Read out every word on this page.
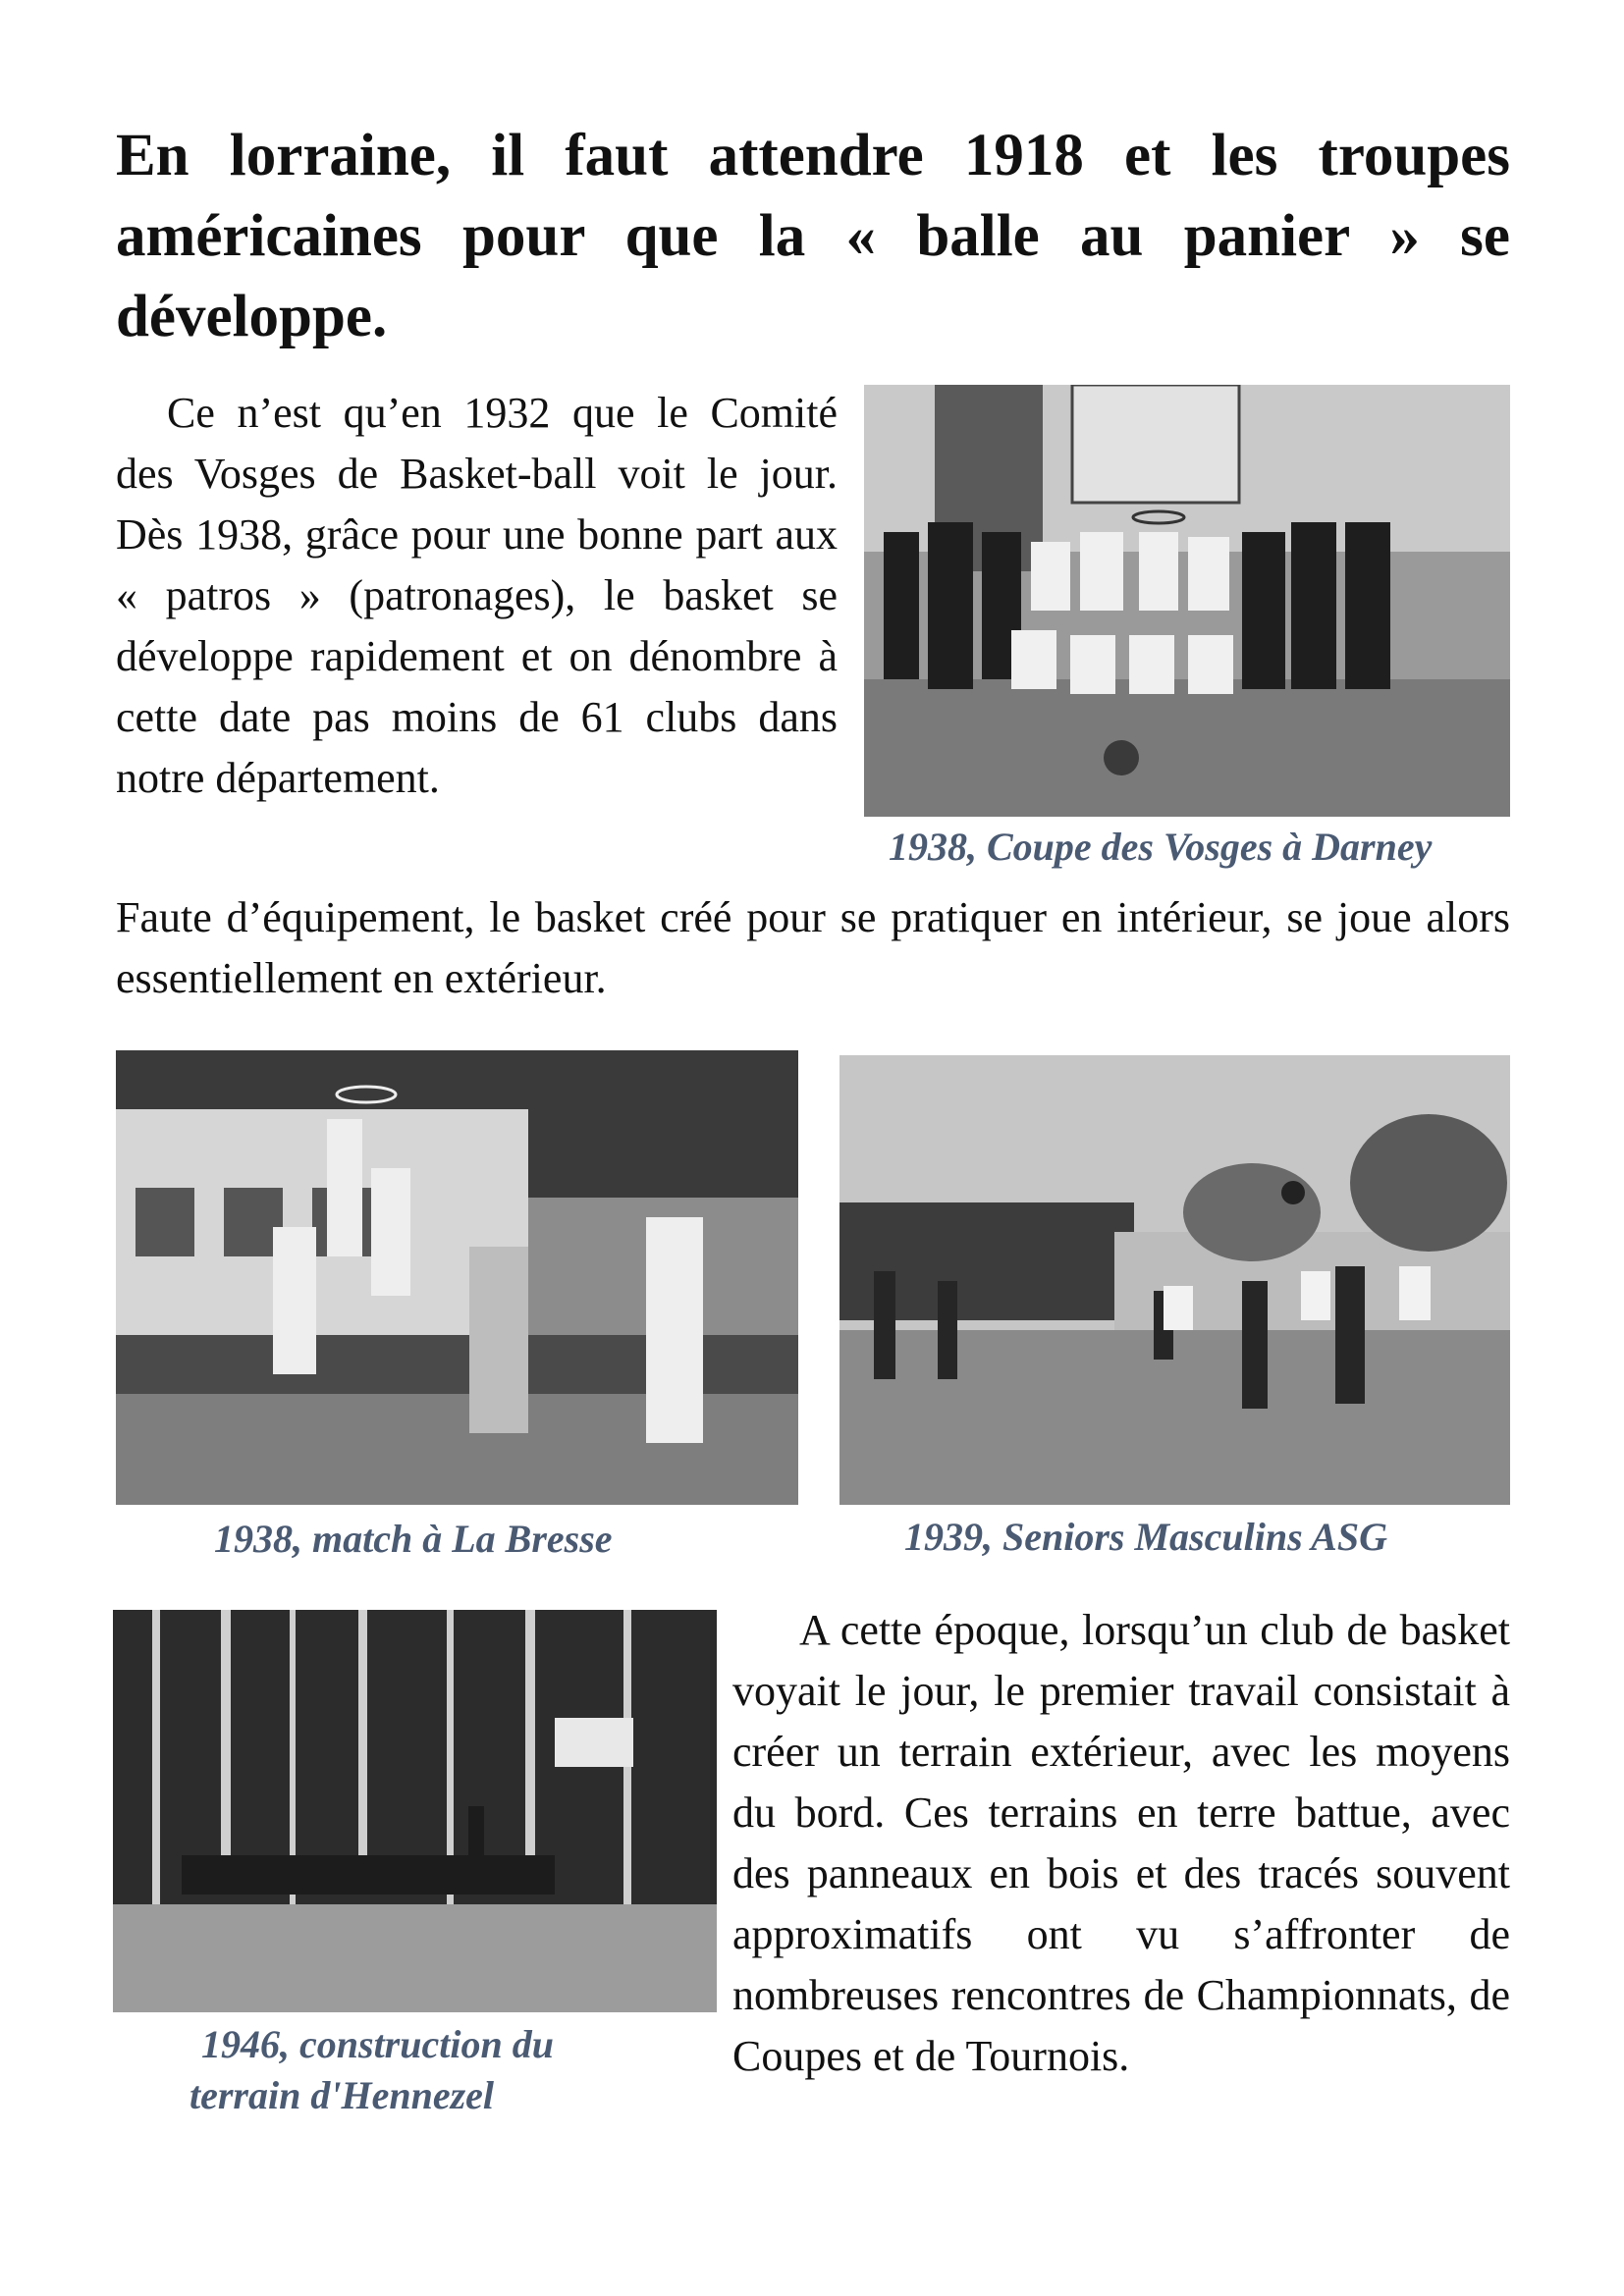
En lorraine, il faut attendre 1918 et les troupes américaines pour que la « balle au panier » se développe.

Ce n’est qu’en 1932 que le Comité des Vosges de Basket-ball voit le jour. Dès 1938, grâce pour une bonne part aux « patros » (patronages), le basket se développe rapidement et on dénombre à cette date pas moins de 61 clubs dans notre département.

1938, Coupe des Vosges à Darney

Faute d’équipement, le basket créé pour se pratiquer en intérieur, se joue alors essentiellement en extérieur.

1938, match à La Bresse	1939, Seniors Masculins ASG

1946, construction du

terrain d'Hennezel

A cette époque, lorsqu’un club de basket voyait le jour, le premier travail consistait à créer un terrain extérieur, avec les moyens du bord. Ces terrains en terre battue, avec des panneaux en bois et des tracés souvent approximatifs ont vu s’affronter de nombreuses rencontres de Championnats, de Coupes et de Tournois.
